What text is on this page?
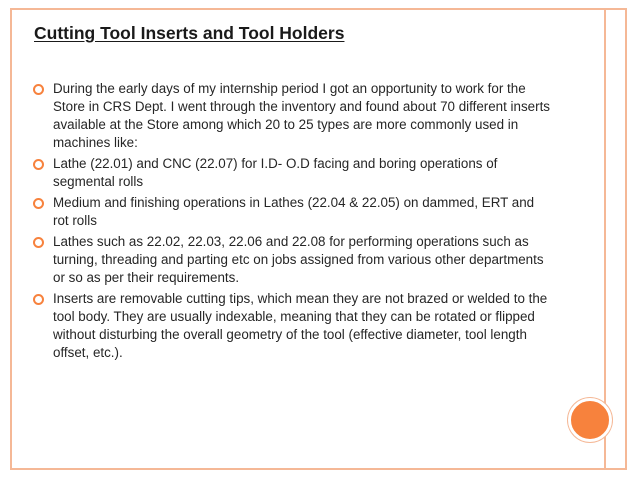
Cutting Tool Inserts and Tool Holders
During the early days of my internship period I got an opportunity to work for the Store in CRS Dept. I went through the inventory and found about 70 different inserts available at the Store among which 20 to 25 types are more commonly used in machines like:
Lathe (22.01) and CNC (22.07) for I.D- O.D facing and boring operations of segmental rolls
Medium and finishing operations in Lathes (22.04 & 22.05) on dammed, ERT and rot rolls
Lathes such as 22.02, 22.03, 22.06 and 22.08 for performing operations such as turning, threading and parting etc on jobs assigned from various other departments or so as per their requirements.
Inserts are removable cutting tips, which mean they are not brazed or welded to the tool body. They are usually indexable, meaning that they can be rotated or flipped without disturbing the overall geometry of the tool (effective diameter, tool length offset, etc.).
